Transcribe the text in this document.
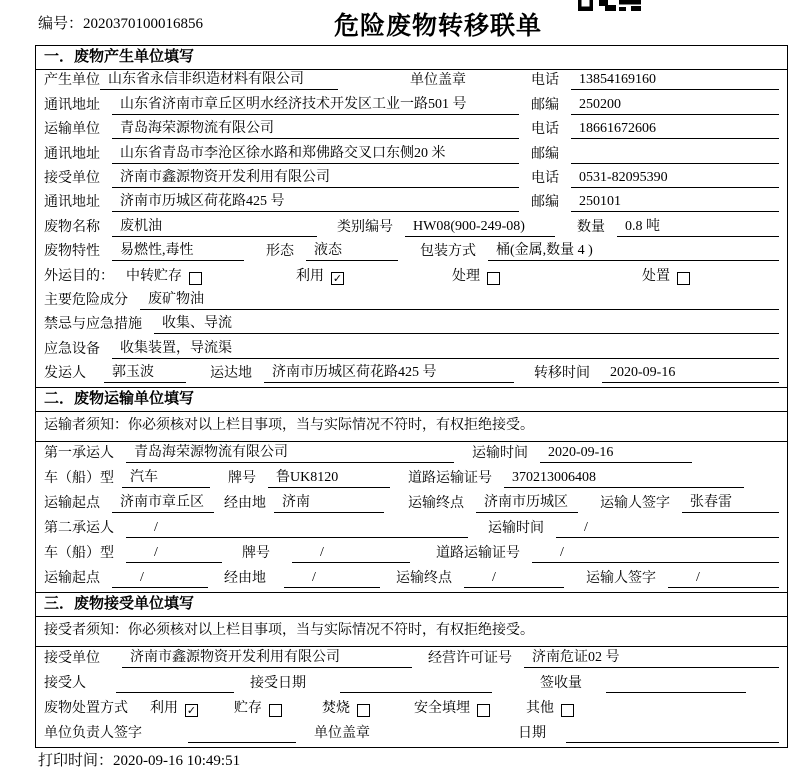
编号：2020370100016856	危险废物转移联单
一．废物产生单位填写
产生单位 山东省永信非织造材料有限公司	单位盖章	电话	13854169160
通讯地址	山东省济南市章丘区明水经济技术开发区工业一路501 号	邮编	250200
运输单位	青岛海荣源物流有限公司	电话	18661672606
通讯地址	山东省青岛市李沧区徐水路和郑佛路交叉口东侧20 米	邮编
接受单位	济南市鑫源物资开发利用有限公司	电话	0531-82095390
通讯地址	济南市历城区荷花路425 号	邮编	250101
废物名称	废机油	类别编号	HW08(900-249-08)	数量	0.8 吨
废物特性	易燃性,毒性	形态	液态	包装方式	桶(金属,数量 4 )
外运目的： 中转贮存	利用 ✓	处理	处置
主要危险成分	废矿物油
禁忌与应急措施	收集、导流
应急设备	收集装置，导流渠
发运人	郭玉波	运达地	济南市历城区荷花路425 号	转移时间	2020-09-16
二．废物运输单位填写
运输者须知：你必须核对以上栏目事项，当与实际情况不符时，有权拒绝接受。
第一承运人	青岛海荣源物流有限公司	运输时间	2020-09-16
车（船）型	汽车	牌号	鲁UK8120	道路运输证号	370213006408
运输起点	济南市章丘区	经由地	济南	运输终点	济南市历城区	运输人签字	张春雷
第二承运人	/	运输时间	/
车（船）型	/	牌号	/	道路运输证号	/
运输起点	/	经由地	/	运输终点	/	运输人签字	/
三．废物接受单位填写
接受者须知：你必须核对以上栏目事项，当与实际情况不符时，有权拒绝接受。
接受单位	济南市鑫源物资开发利用有限公司	经营许可证号	济南危证02 号
接受人	接受日期	签收量
废物处置方式 利用 ✓	贮存	焚烧	安全填埋	其他
单位负责人签字	单位盖章	日期
打印时间：2020-09-16 10:49:51
